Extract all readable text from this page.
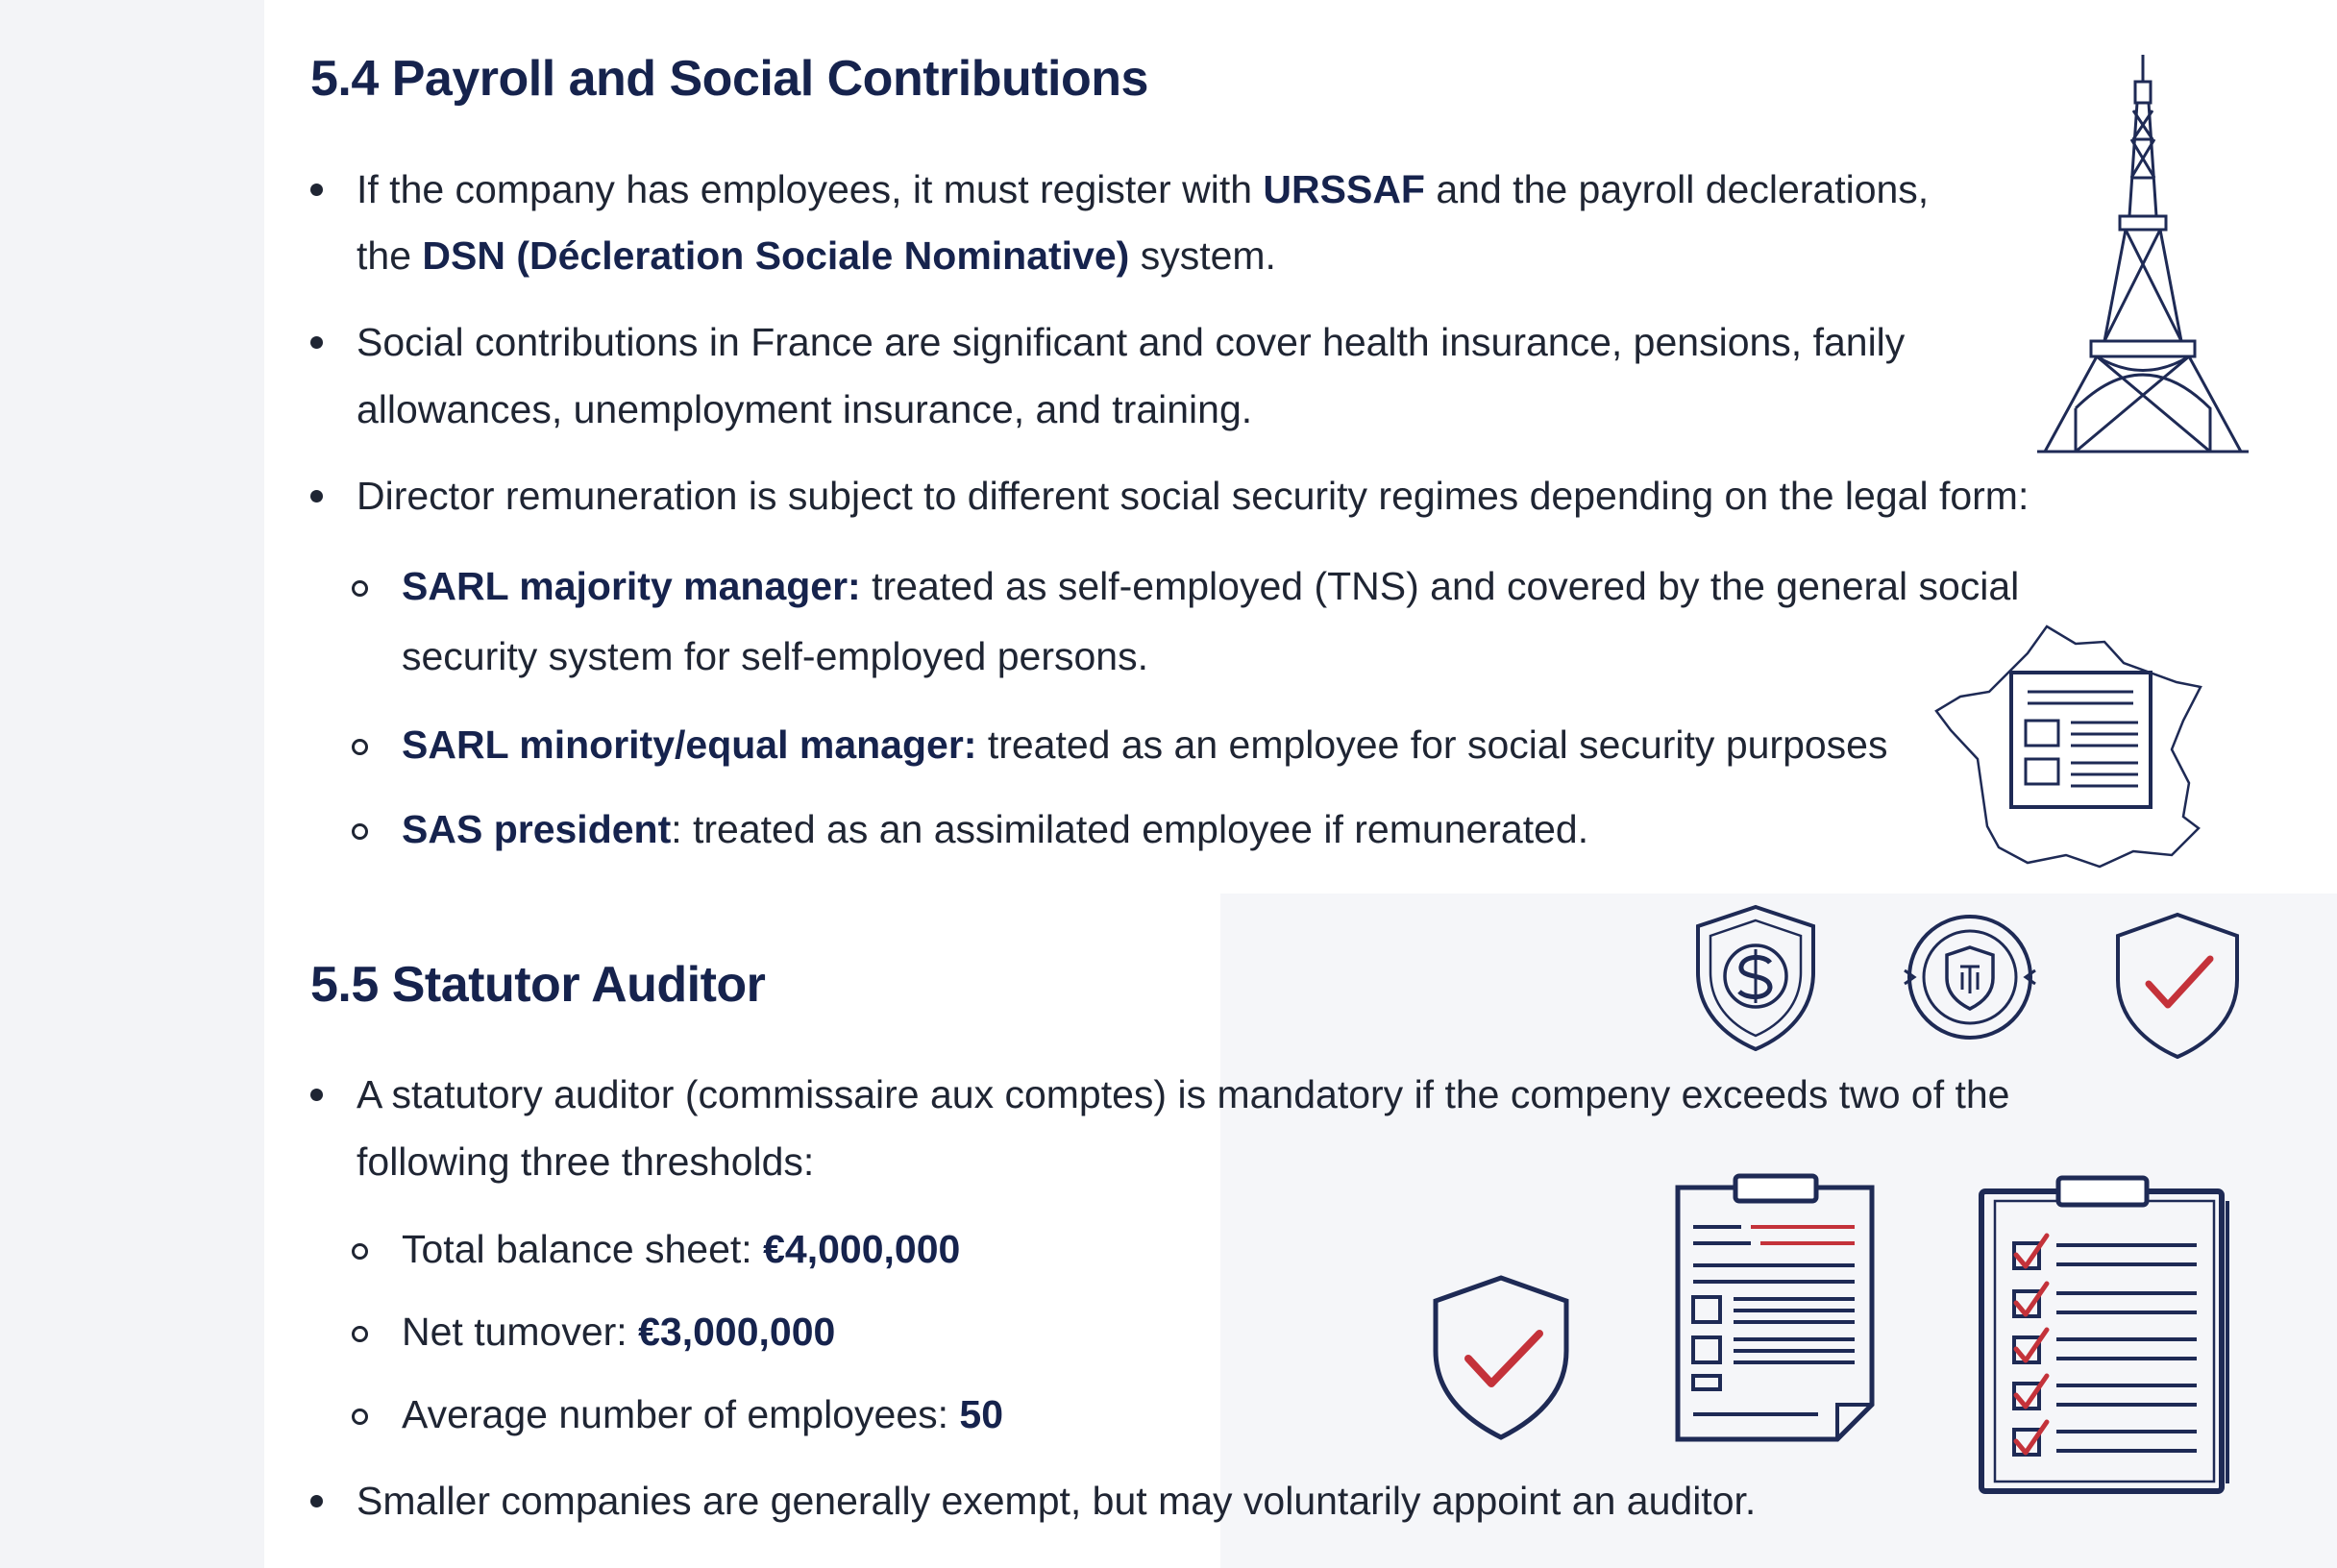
5.4 Payroll and Social Contributions
If the company has employees, it must register with URSSAF and the payroll declerations,
the DSN (Décleration Sociale Nominative) system.
Social contributions in France are significant and cover health insurance, pensions, fanily
allowances, unemployment insurance, and training.
Director remuneration is subject to different social security regimes depending on the legal form:
SARL majority manager: treated as self-employed (TNS) and covered by the general social
security system for self-employed persons.
SARL minority/equal manager: treated as an employee for social security purposes
SAS president: treated as an assimilated employee if remunerated.
5.5 Statutor Auditor
A statutory auditor (commissaire aux comptes) is mandatory if the compeny exceeds two of the
following three thresholds:
Total balance sheet: €4,000,000
Net tumover: €3,000,000
Average number of employees: 50
Smaller companies are generally exempt, but may voluntarily appoint an auditor.
